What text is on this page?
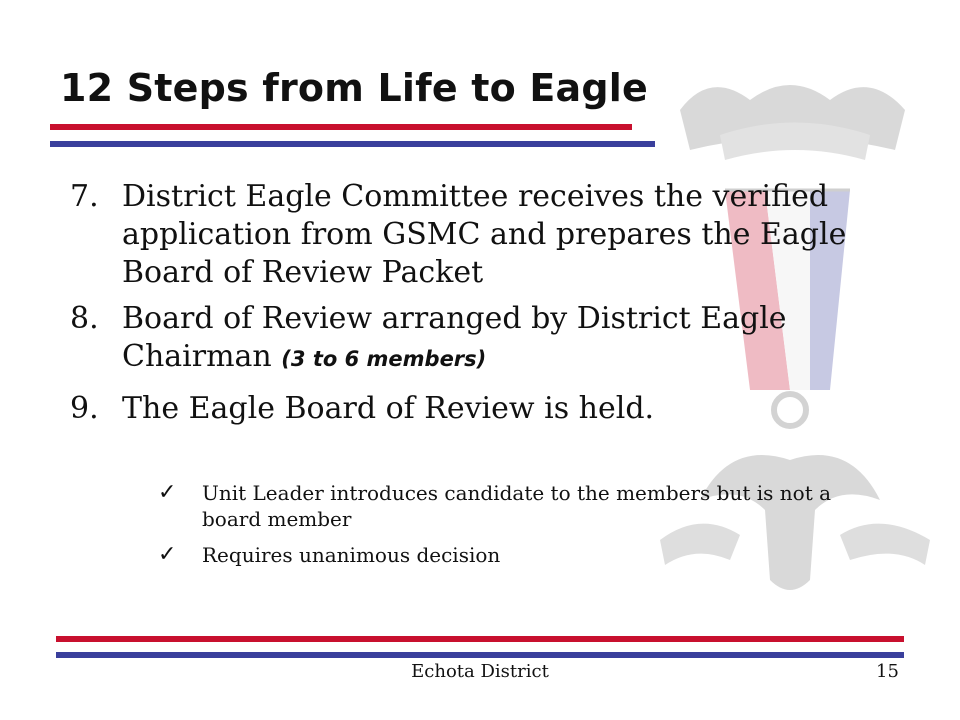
12 Steps from Life to Eagle
7. District Eagle Committee receives the verified application from GSMC and prepares the Eagle Board of Review Packet
8. Board of Review arranged by District Eagle Chairman (3 to 6 members)
9. The Eagle Board of Review is held.
✓ Unit Leader introduces candidate to the members but is not a board member
✓ Requires unanimous decision
Echota District	15
